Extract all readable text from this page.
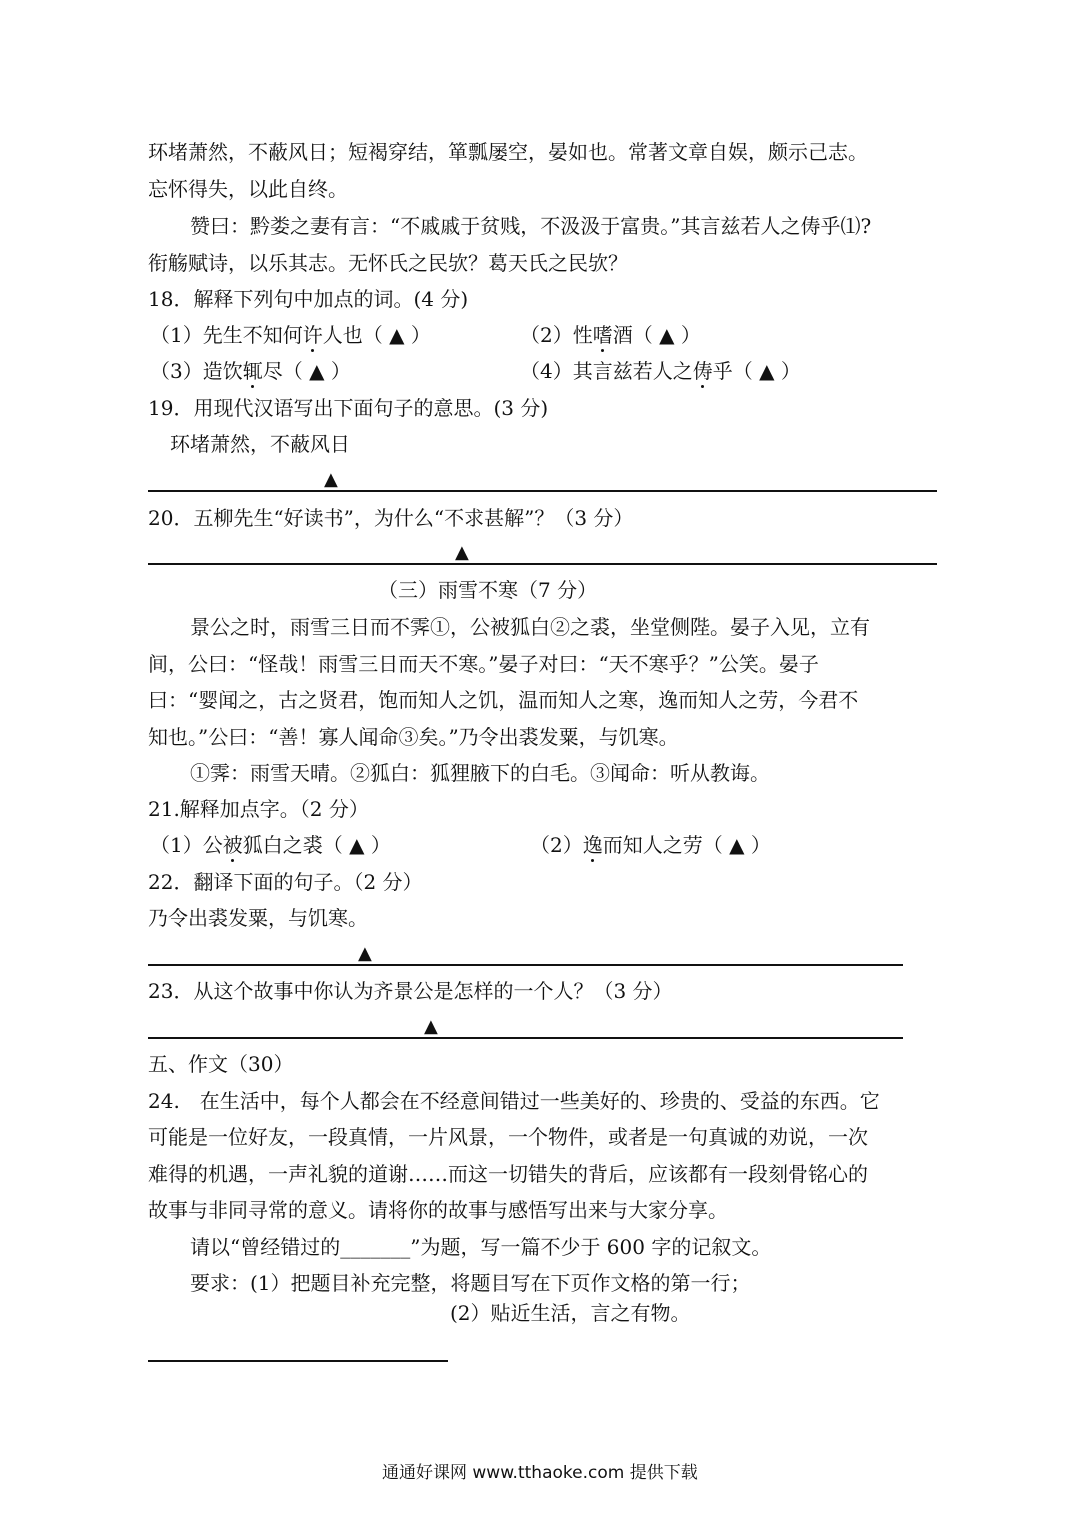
环堵萧然，不蔽风日；短褐穿结，箪瓢屡空，晏如也。常著文章自娱，颇示己志。
忘怀得失，以此自终。
赞曰：黔娄之妻有言：“不戚戚于贫贱，不汲汲于富贵。”其言兹若人之俦乎⑴?
衔觞赋诗，以乐其志。无怀氏之民欤？葛天氏之民欤？
18．解释下列句中加点的词。(4 分)
（1）先生不知何许人也（ ▲ ）	（2）性嗜酒（ ▲ ）
（3）造饮辄尽（ ▲ ）	（4）其言兹若人之俦乎（ ▲ ）
19．用现代汉语写出下面句子的意思。(3 分)
环堵萧然，不蔽风日
▲
20．五柳先生“好读书”，为什么“不求甚解”？（3 分）
▲
（三）雨雪不寒（7 分）
景公之时，雨雪三日而不霁①，公被狐白②之裘，坐堂侧陛。晏子入见，立有
间，公曰：“怪哉！雨雪三日而天不寒。”晏子对曰：“天不寒乎？”公笑。晏子
曰：“婴闻之，古之贤君，饱而知人之饥，温而知人之寒，逸而知人之劳，今君不
知也。”公曰：“善！寡人闻命③矣。”乃令出裘发粟，与饥寒。
①霁：雨雪天晴。②狐白：狐狸腋下的白毛。③闻命：听从教诲。
21.解释加点字。（2 分）
（1）公被狐白之裘（ ▲ ）	（2）逸而知人之劳（ ▲ ）
22．翻译下面的句子。（2 分）
乃令出裘发粟，与饥寒。
▲
23．从这个故事中你认为齐景公是怎样的一个人？（3 分）
▲
五、作文（30）
24.　在生活中，每个人都会在不经意间错过一些美好的、珍贵的、受益的东西。它
可能是一位好友，一段真情，一片风景，一个物件，或者是一句真诚的劝说，一次
难得的机遇，一声礼貌的道谢……而这一切错失的背后，应该都有一段刻骨铭心的
故事与非同寻常的意义。请将你的故事与感悟写出来与大家分享。
请以“曾经错过的_______”为题，写一篇不少于 600 字的记叙文。
要求：(1）把题目补充完整，将题目写在下页作文格的第一行；
(2）贴近生活，言之有物。
通通好课网 www.tthaoke.com 提供下载
